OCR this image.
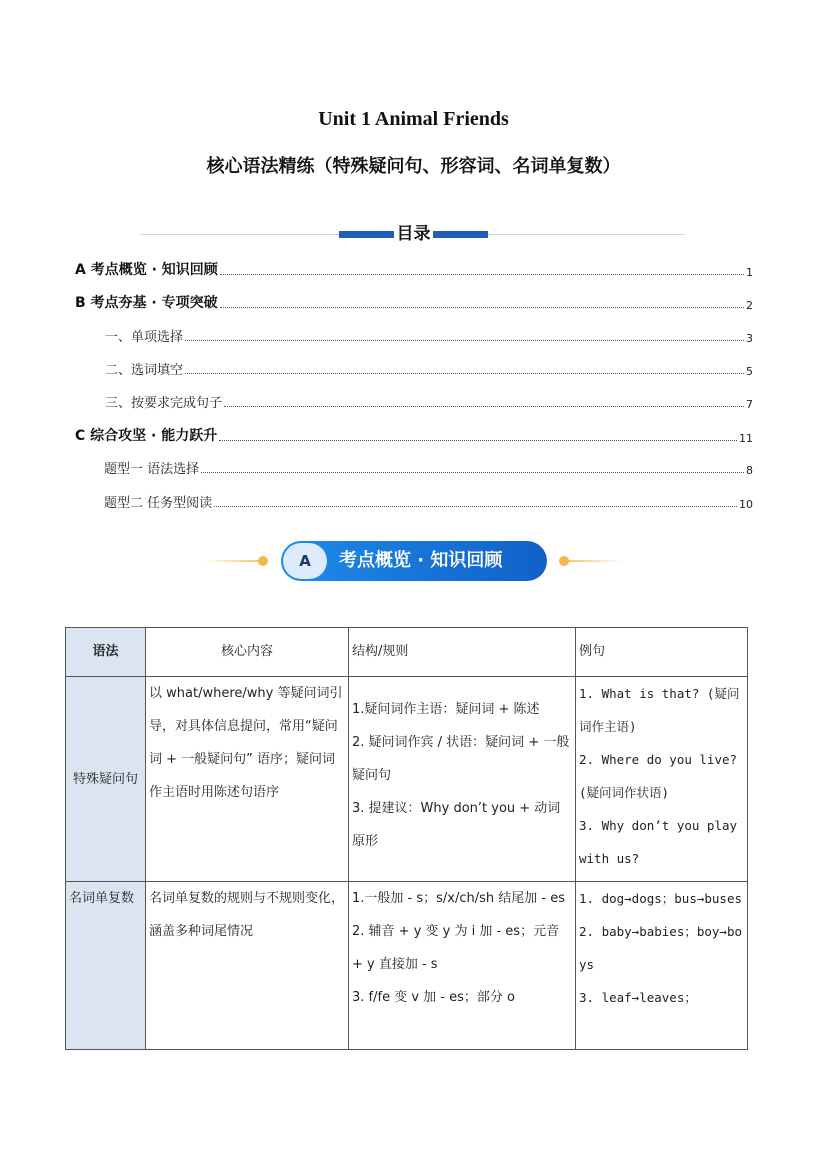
Unit 1 Animal Friends
核心语法精练（特殊疑问句、形容词、名词单复数）
目录
A 考点概览 · 知识回顾	1
B 考点夯基 · 专项突破	2
一、单项选择	3
二、选词填空	5
三、按要求完成句子	7
C 综合攻坚 · 能力跃升	11
题型一 语法选择	8
题型二 任务型阅读	10
A	考点概览 · 知识回顾
语法	核心内容	结构/规则	例句
特殊疑问句	以 what/where/why 等疑问词引导，对具体信息提问，常用“疑问词 + 一般疑问句” 语序；疑问词作主语时用陈述句语序	1.疑问词作主语：疑问词 + 陈述
2. 疑问词作宾 / 状语：疑问词 + 一般疑问句
3. 提建议：Why don’t you + 动词原形	1. What is that? (疑问词作主语)
2. Where do you live? (疑问词作状语)
3. Why don’t you play with us?

名词单复数	名词单复数的规则与不规则变化，涵盖多种词尾情况	1.一般加 - s；s/x/ch/sh 结尾加 - es
2. 辅音 + y 变 y 为 i 加 - es；元音 + y 直接加 - s
3. f/fe 变 v 加 - es；部分 o	1. dog→dogs；bus→buses
2. baby→babies；boy→boys
3. leaf→leaves；
